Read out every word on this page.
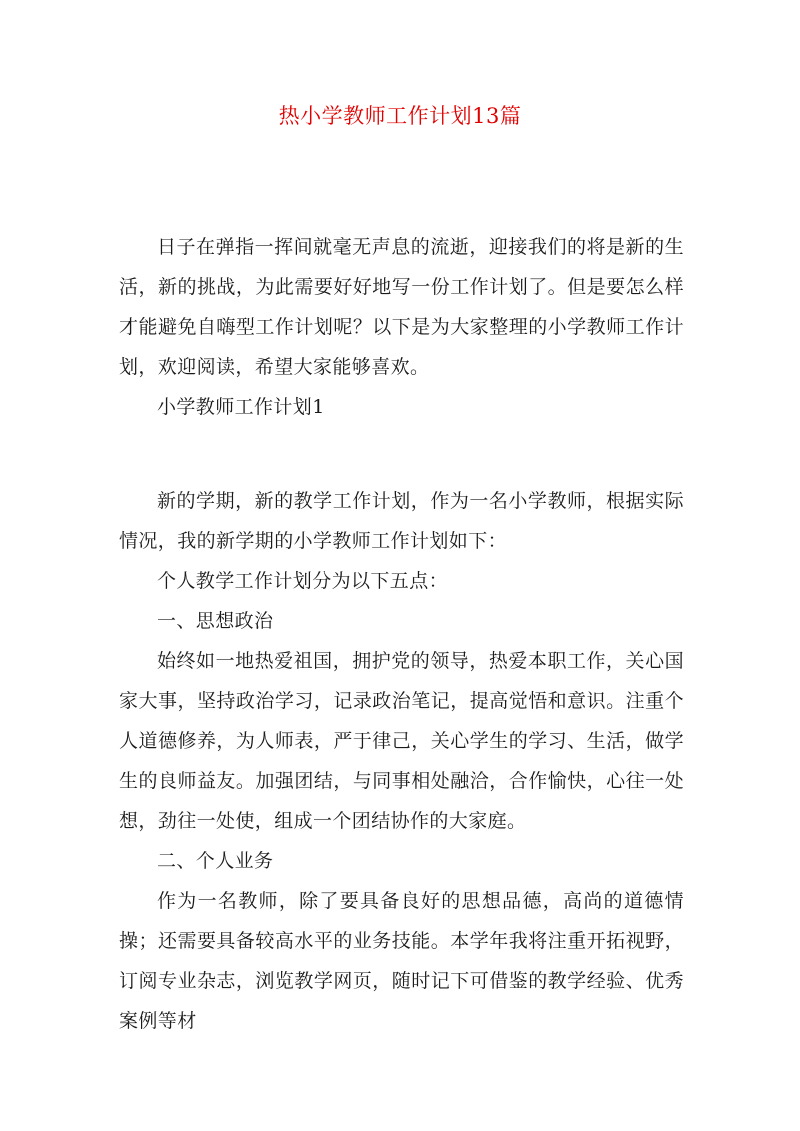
热小学教师工作计划13篇

日子在弹指一挥间就毫无声息的流逝，迎接我们的将是新的生活，新的挑战，为此需要好好地写一份工作计划了。但是要怎么样才能避免自嗨型工作计划呢？以下是为大家整理的小学教师工作计划，欢迎阅读，希望大家能够喜欢。

小学教师工作计划1

新的学期，新的教学工作计划，作为一名小学教师，根据实际情况，我的新学期的小学教师工作计划如下：

个人教学工作计划分为以下五点：

一、思想政治

始终如一地热爱祖国，拥护党的领导，热爱本职工作，关心国家大事，坚持政治学习，记录政治笔记，提高觉悟和意识。注重个人道德修养，为人师表，严于律己，关心学生的学习、生活，做学生的良师益友。加强团结，与同事相处融洽，合作愉快，心往一处想，劲往一处使，组成一个团结协作的大家庭。

二、个人业务

作为一名教师，除了要具备良好的思想品德，高尚的道德情操；还需要具备较高水平的业务技能。本学年我将注重开拓视野，订阅专业杂志，浏览教学网页，随时记下可借鉴的教学经验、优秀案例等材
